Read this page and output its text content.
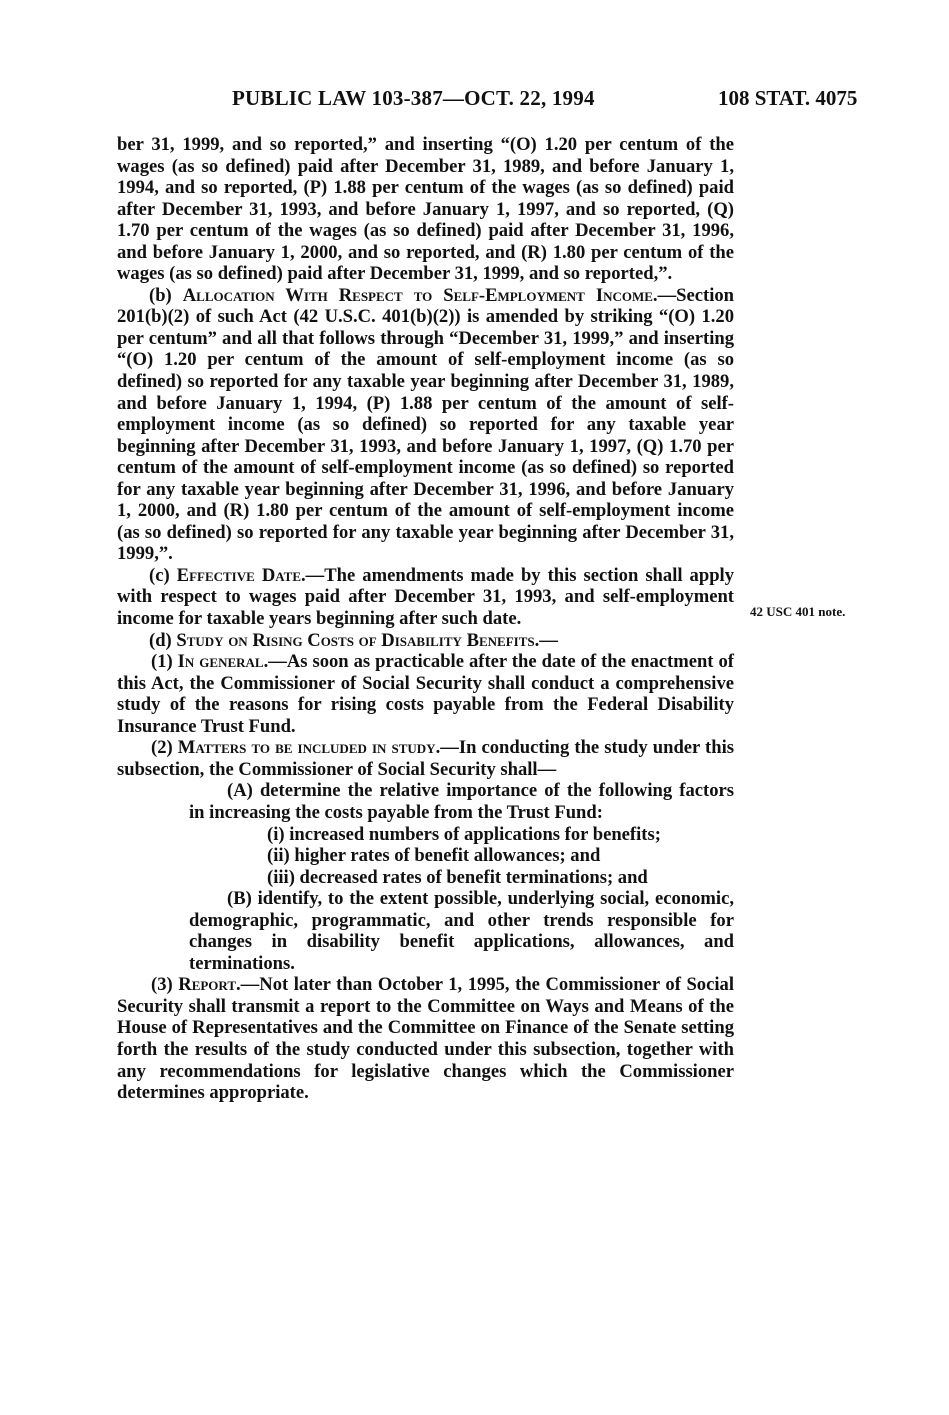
PUBLIC LAW 103-387—OCT. 22, 1994	108 STAT. 4075
42 USC 401 note.

ber 31, 1999, and so reported,” and inserting “(O) 1.20 per centum of the wages (as so defined) paid after December 31, 1989, and before January 1, 1994, and so reported, (P) 1.88 per centum of the wages (as so defined) paid after December 31, 1993, and before January 1, 1997, and so reported, (Q) 1.70 per centum of the wages (as so defined) paid after December 31, 1996, and before January 1, 2000, and so reported, and (R) 1.80 per centum of the wages (as so defined) paid after December 31, 1999, and so reported,”.

(b) Allocation With Respect to Self-Employment Income.—Section 201(b)(2) of such Act (42 U.S.C. 401(b)(2)) is amended by striking “(O) 1.20 per centum” and all that follows through “December 31, 1999,” and inserting “(O) 1.20 per centum of the amount of self-employment income (as so defined) so reported for any taxable year beginning after December 31, 1989, and before January 1, 1994, (P) 1.88 per centum of the amount of self-employment income (as so defined) so reported for any taxable year beginning after December 31, 1993, and before January 1, 1997, (Q) 1.70 per centum of the amount of self-employment income (as so defined) so reported for any taxable year beginning after December 31, 1996, and before January 1, 2000, and (R) 1.80 per centum of the amount of self-employment income (as so defined) so reported for any taxable year beginning after December 31, 1999,”.

(c) Effective Date.—The amendments made by this section shall apply with respect to wages paid after December 31, 1993, and self-employment income for taxable years beginning after such date.

(d) Study on Rising Costs of Disability Benefits.—

(1) In general.—As soon as practicable after the date of the enactment of this Act, the Commissioner of Social Security shall conduct a comprehensive study of the reasons for rising costs payable from the Federal Disability Insurance Trust Fund.

(2) Matters to be included in study.—In conducting the study under this subsection, the Commissioner of Social Security shall—

(A) determine the relative importance of the following factors in increasing the costs payable from the Trust Fund:

(i) increased numbers of applications for benefits;

(ii) higher rates of benefit allowances; and

(iii) decreased rates of benefit terminations; and

(B) identify, to the extent possible, underlying social, economic, demographic, programmatic, and other trends responsible for changes in disability benefit applications, allowances, and terminations.

(3) Report.—Not later than October 1, 1995, the Commissioner of Social Security shall transmit a report to the Committee on Ways and Means of the House of Representatives and the Committee on Finance of the Senate setting forth the results of the study conducted under this subsection, together with any recommendations for legislative changes which the Commissioner determines appropriate.
